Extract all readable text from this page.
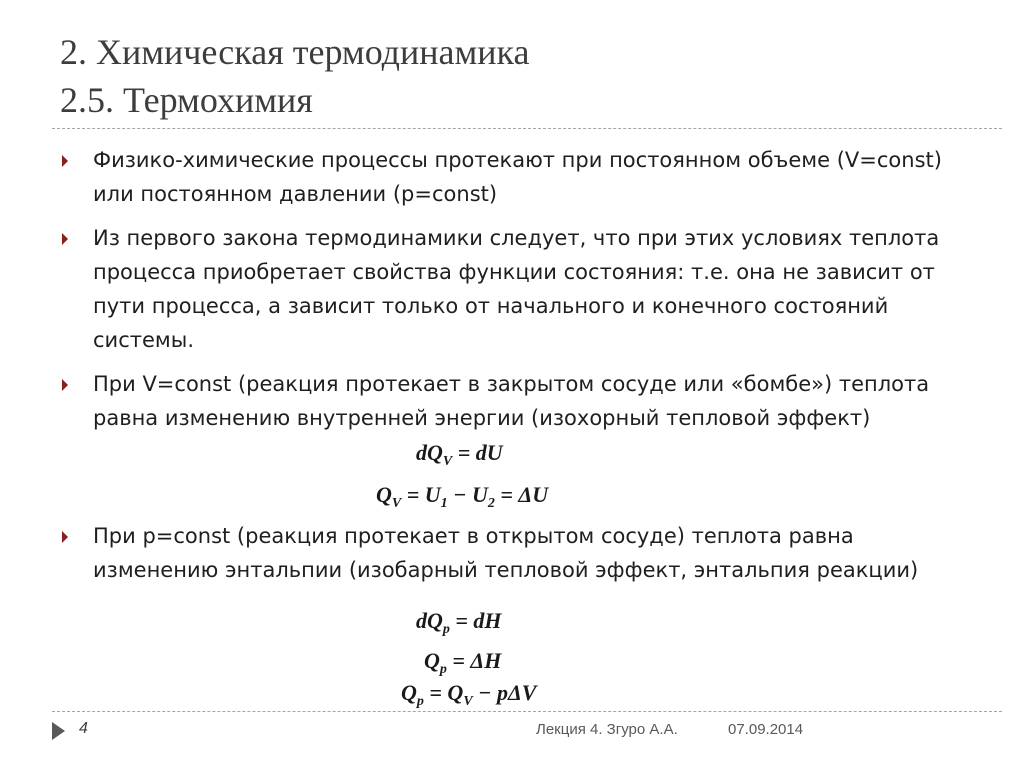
2. Химическая термодинамика
2.5. Термохимия
Физико-химические процессы протекают при постоянном объеме (V=const) или постоянном давлении (p=const)
Из первого закона термодинамики следует, что при этих условиях теплота процесса приобретает свойства функции состояния: т.е. она не зависит от пути процесса, а зависит только от начального и конечного состояний системы.
При V=const (реакция протекает в закрытом сосуде или «бомбе») теплота равна изменению внутренней энергии (изохорный тепловой эффект)
$dQ_V$ = dU
$Q_V = U_1 - U_2 = \Delta U$
При p=const (реакция протекает в открытом сосуде) теплота равна изменению энтальпии (изобарный тепловой эффект, энтальпия реакции)
$dQ_p$ = dH
$Q_p = \Delta H$
$Q_p = Q_V - p\Delta V$
4	Лекция 4. Згуро А.А.	07.09.2014
